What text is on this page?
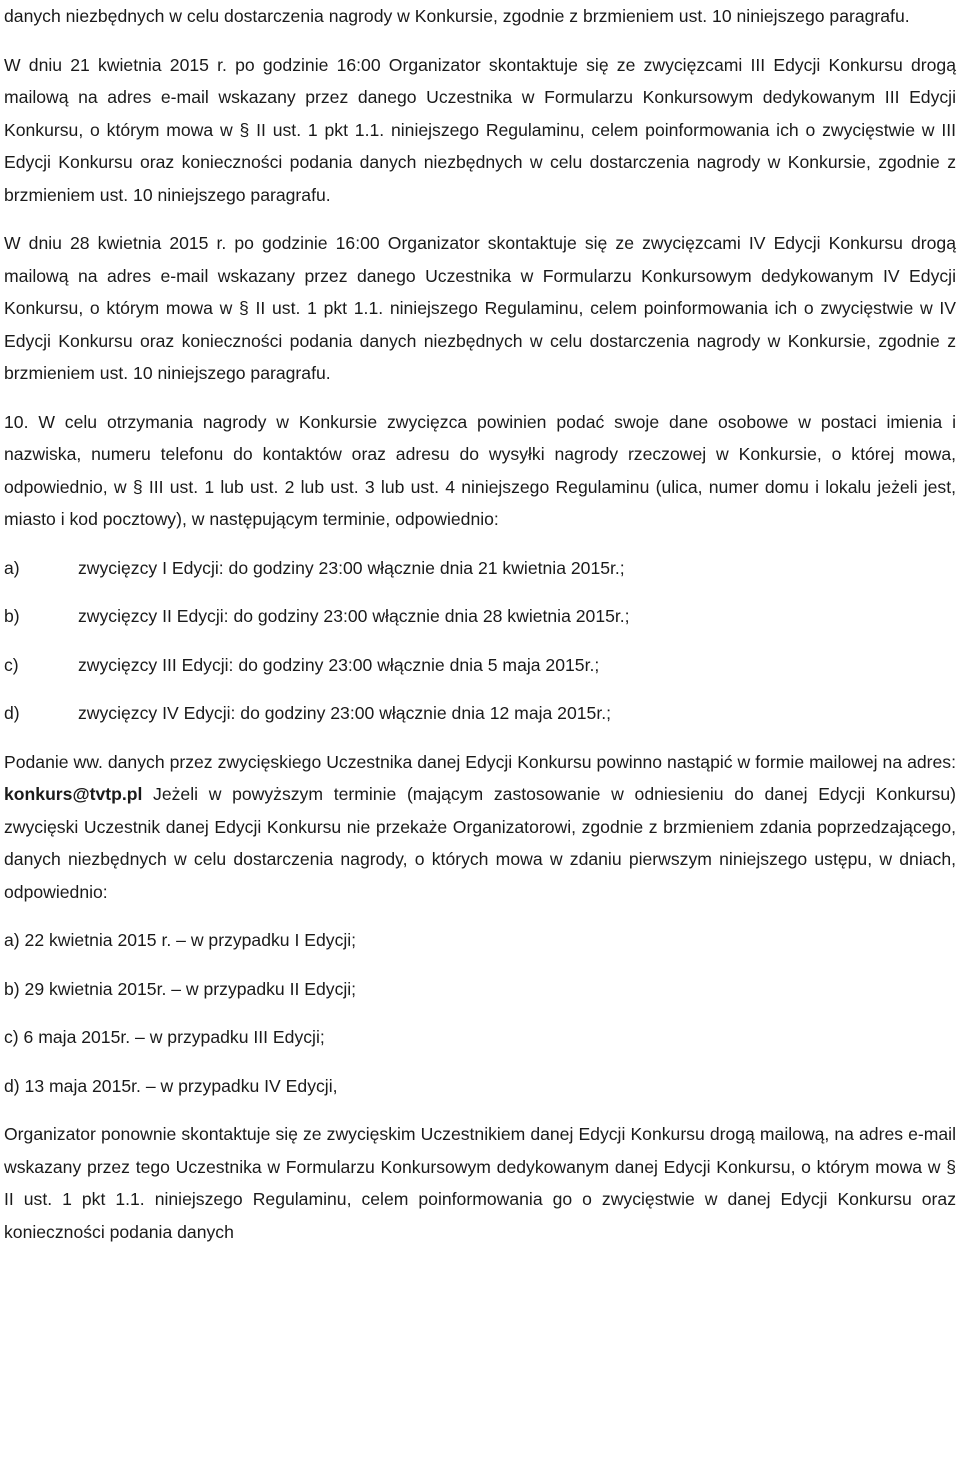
danych niezbędnych w celu dostarczenia nagrody w Konkursie, zgodnie z brzmieniem ust. 10 niniejszego paragrafu.

W dniu 21 kwietnia 2015 r. po godzinie 16:00 Organizator skontaktuje się ze zwycięzcami III Edycji Konkursu drogą mailową na adres e-mail wskazany przez danego Uczestnika w Formularzu Konkursowym dedykowanym III Edycji Konkursu, o którym mowa w § II ust. 1 pkt 1.1. niniejszego Regulaminu, celem poinformowania ich o zwycięstwie w III Edycji Konkursu oraz konieczności podania danych niezbędnych w celu dostarczenia nagrody w Konkursie, zgodnie z brzmieniem ust. 10 niniejszego paragrafu.

W dniu 28 kwietnia 2015 r. po godzinie 16:00 Organizator skontaktuje się ze zwycięzcami IV Edycji Konkursu drogą mailową na adres e-mail wskazany przez danego Uczestnika w Formularzu Konkursowym dedykowanym IV Edycji Konkursu, o którym mowa w § II ust. 1 pkt 1.1. niniejszego Regulaminu, celem poinformowania ich o zwycięstwie w IV Edycji Konkursu oraz konieczności podania danych niezbędnych w celu dostarczenia nagrody w Konkursie, zgodnie z brzmieniem ust. 10 niniejszego paragrafu.

10. W celu otrzymania nagrody w Konkursie zwycięzca powinien podać swoje dane osobowe w postaci imienia i nazwiska, numeru telefonu do kontaktów oraz adresu do wysyłki nagrody rzeczowej w Konkursie, o której mowa, odpowiednio, w § III ust. 1 lub ust. 2 lub ust. 3 lub ust. 4 niniejszego Regulaminu (ulica, numer domu i lokalu jeżeli jest, miasto i kod pocztowy), w następującym terminie, odpowiednio:

a)	zwycięzcy I Edycji: do godziny 23:00 włącznie dnia 21 kwietnia 2015r.;

b)	zwycięzcy II Edycji: do godziny 23:00 włącznie dnia 28 kwietnia 2015r.;

c)	zwycięzcy III Edycji: do godziny 23:00 włącznie dnia 5 maja 2015r.;

d)	zwycięzcy IV Edycji: do godziny 23:00 włącznie dnia 12 maja 2015r.;

Podanie ww. danych przez zwycięskiego Uczestnika danej Edycji Konkursu powinno nastąpić w formie mailowej na adres: konkurs@tvtp.pl Jeżeli w powyższym terminie (mającym zastosowanie w odniesieniu do danej Edycji Konkursu) zwycięski Uczestnik danej Edycji Konkursu nie przekaże Organizatorowi, zgodnie z brzmieniem zdania poprzedzającego, danych niezbędnych w celu dostarczenia nagrody, o których mowa w zdaniu pierwszym niniejszego ustępu, w dniach, odpowiednio:

a) 22 kwietnia 2015 r. – w przypadku I Edycji;

b) 29 kwietnia 2015r. – w przypadku II Edycji;

c) 6 maja 2015r. – w przypadku III Edycji;

d) 13 maja 2015r. – w przypadku IV Edycji,

Organizator ponownie skontaktuje się ze zwycięskim Uczestnikiem danej Edycji Konkursu drogą mailową, na adres e-mail wskazany przez tego Uczestnika w Formularzu Konkursowym dedykowanym danej Edycji Konkursu, o którym mowa w § II ust. 1 pkt 1.1. niniejszego Regulaminu, celem poinformowania go o zwycięstwie w danej Edycji Konkursu oraz konieczności podania danych
